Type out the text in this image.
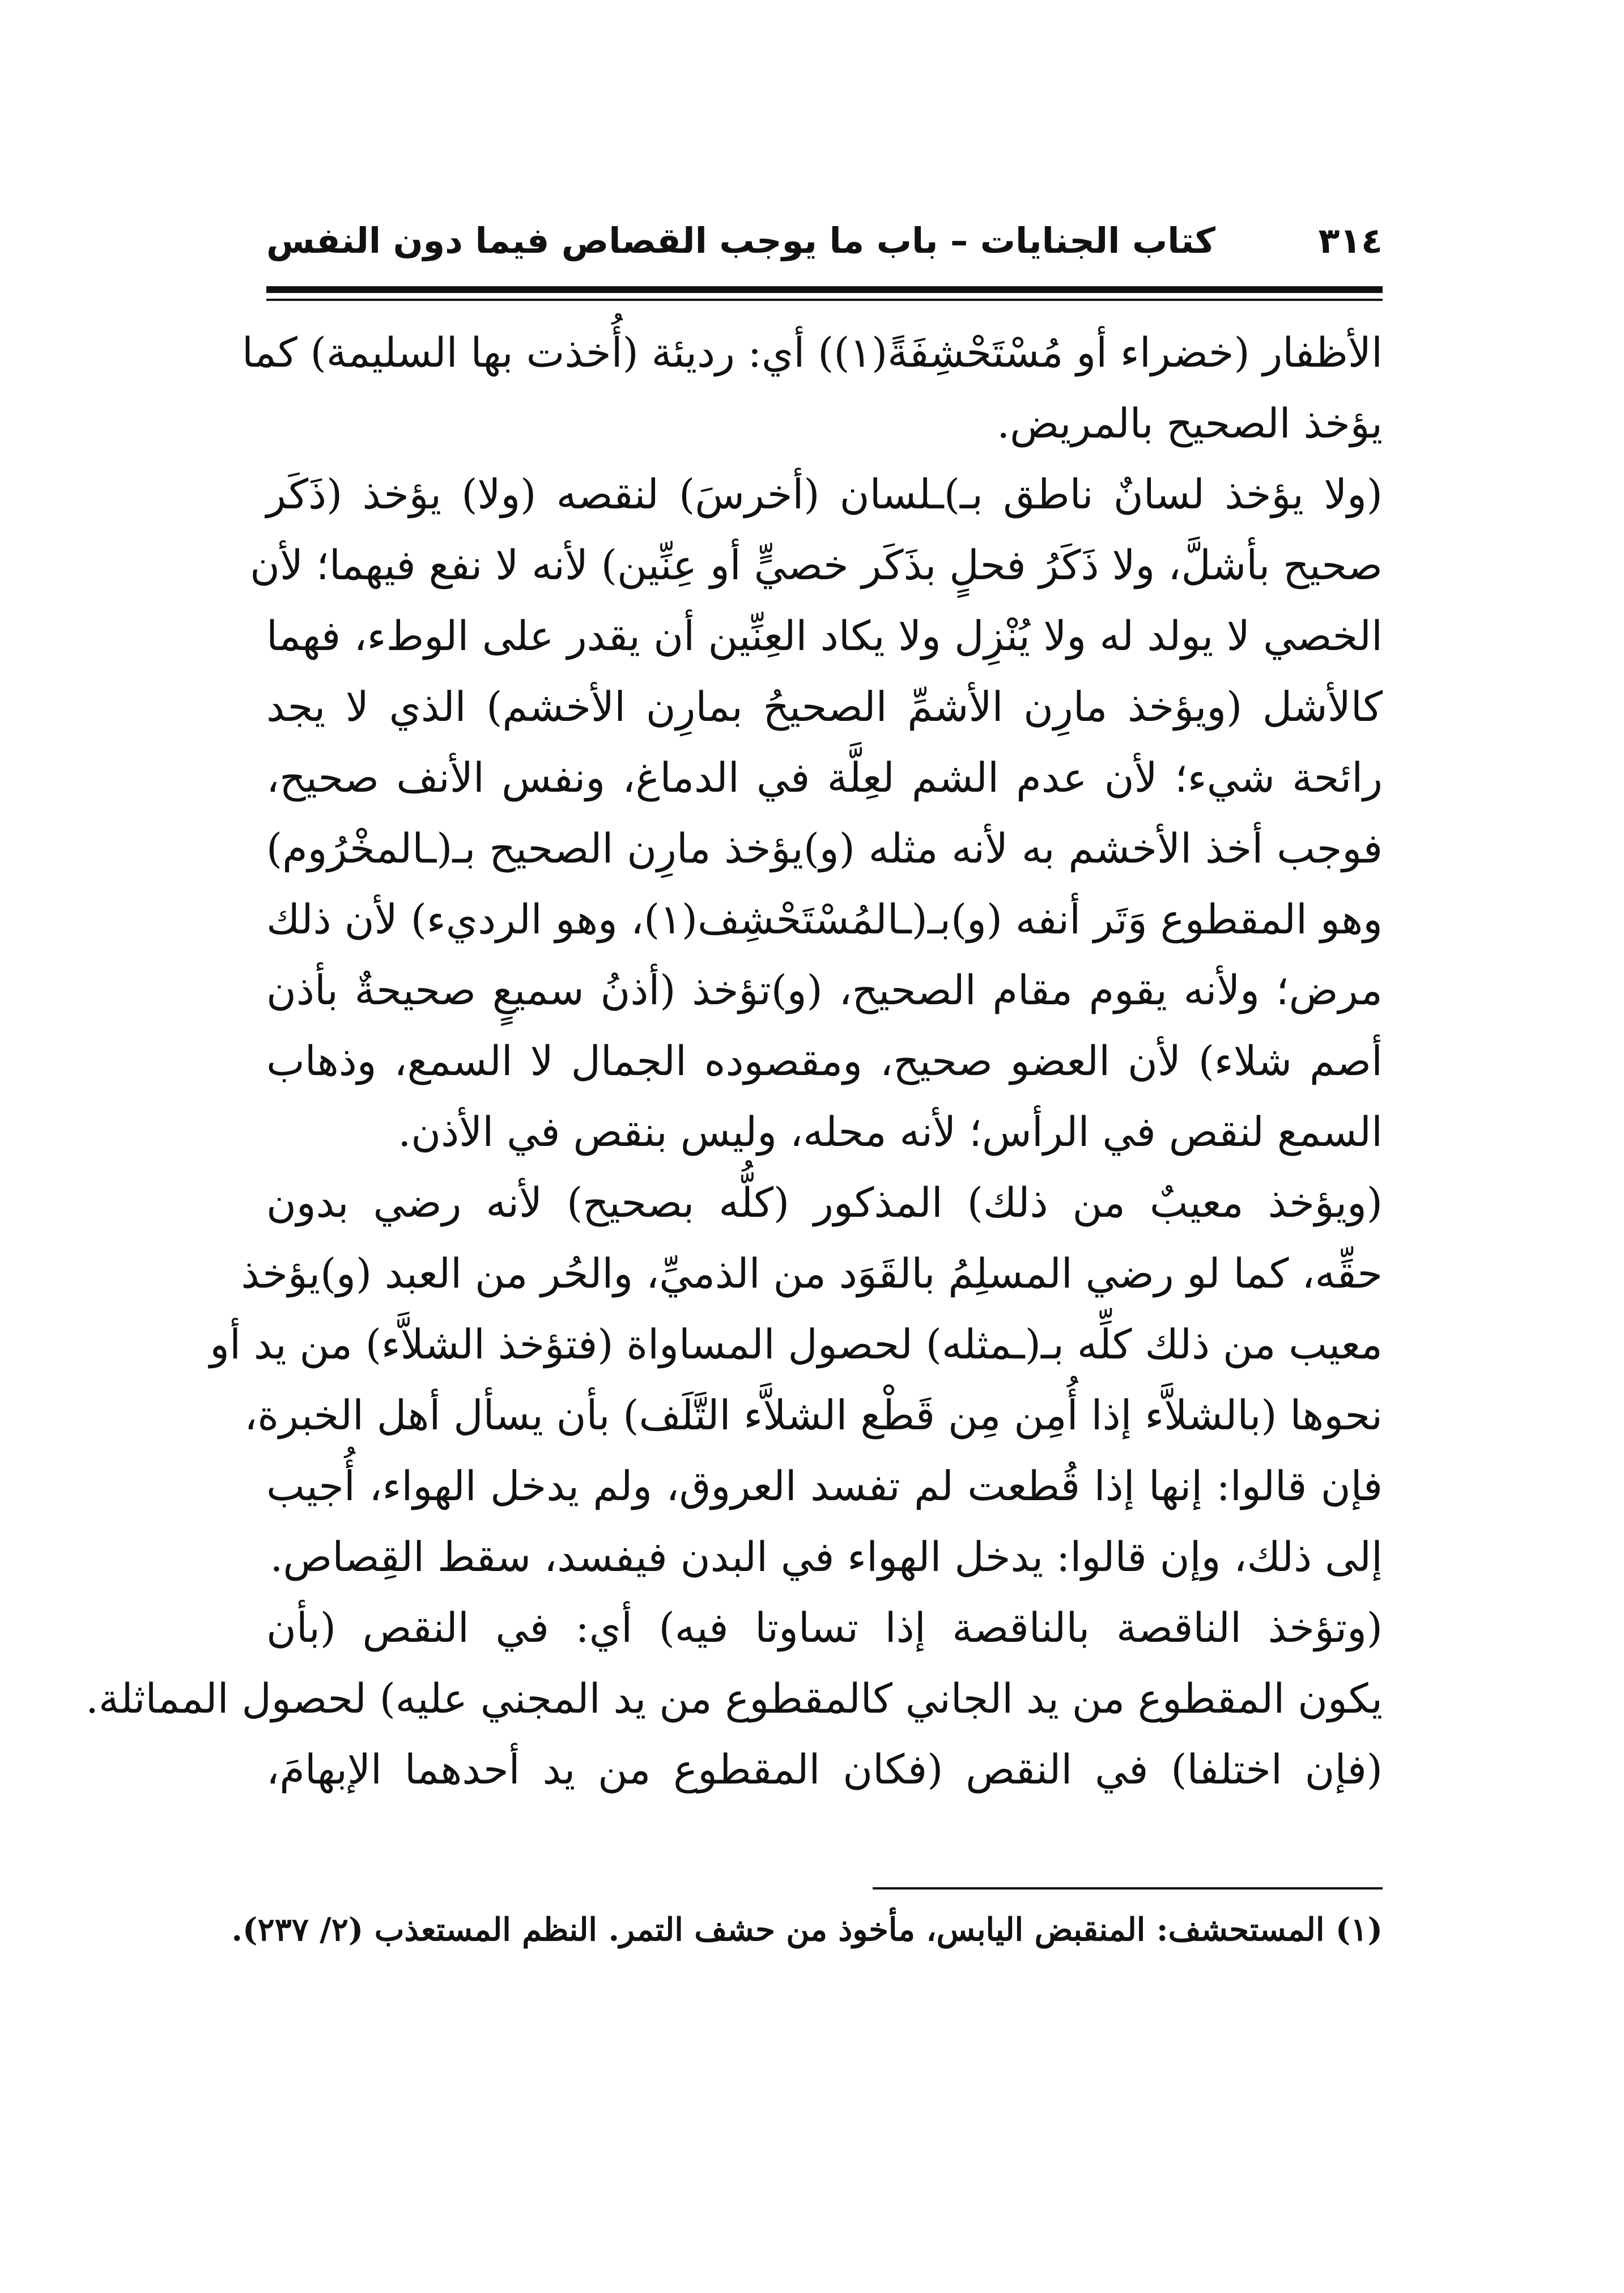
٣١٤
كتاب الجنايات – باب ما يوجب القصاص فيما دون النفس
الأظفار (خضراء أو مُسْتَحْشِفَةً(١)) أي: رديئة (أُخذت بها السليمة) كما
يؤخذ الصحيح بالمريض.
(ولا يؤخذ لسانٌ ناطق بـ)ـلسان (أخرسَ) لنقصه (ولا) يؤخذ (ذَكَر
صحيح بأشلَّ، ولا ذَكَرُ فحلٍ بذَكَر خصيٍّ أو عِنِّين) لأنه لا نفع فيهما؛ لأن
الخصي لا يولد له ولا يُنْزِل ولا يكاد العِنِّين أن يقدر على الوطء، فهما
كالأشل (ويؤخذ مارِن الأشمِّ الصحيحُ بمارِن الأخشم) الذي لا يجد
رائحة شيء؛ لأن عدم الشم لعِلَّة في الدماغ، ونفس الأنف صحيح،
فوجب أخذ الأخشم به لأنه مثله (و)يؤخذ مارِن الصحيح بـ(ـالمخْرُوم)
وهو المقطوع وَتَر أنفه (و)بـ(ـالمُسْتَحْشِف(١)، وهو الرديء) لأن ذلك
مرض؛ ولأنه يقوم مقام الصحيح، (و)تؤخذ (أذنُ سميعٍ صحيحةٌ بأذن
أصم شلاء) لأن العضو صحيح، ومقصوده الجمال لا السمع، وذهاب
السمع لنقص في الرأس؛ لأنه محله، وليس بنقص في الأذن.
(ويؤخذ معيبٌ من ذلك) المذكور (كلُّه بصحيح) لأنه رضي بدون
حقِّه، كما لو رضي المسلِمُ بالقَوَد من الذميِّ، والحُر من العبد (و)يؤخذ
معيب من ذلك كلِّه بـ(ـمثله) لحصول المساواة (فتؤخذ الشلاَّء) من يد أو
نحوها (بالشلاَّء إذا أُمِن مِن قَطْع الشلاَّء التَّلَف) بأن يسأل أهل الخبرة،
فإن قالوا: إنها إذا قُطعت لم تفسد العروق، ولم يدخل الهواء، أُجيب
إلى ذلك، وإن قالوا: يدخل الهواء في البدن فيفسد، سقط القِصاص.
(وتؤخذ الناقصة بالناقصة إذا تساوتا فيه) أي: في النقص (بأن
يكون المقطوع من يد الجاني كالمقطوع من يد المجني عليه) لحصول المماثلة.
(فإن اختلفا) في النقص (فكان المقطوع من يد أحدهما الإبهامَ،
(١) المستحشف: المنقبض اليابس، مأخوذ من حشف التمر. النظم المستعذب (٢/ ٢٣٧).
